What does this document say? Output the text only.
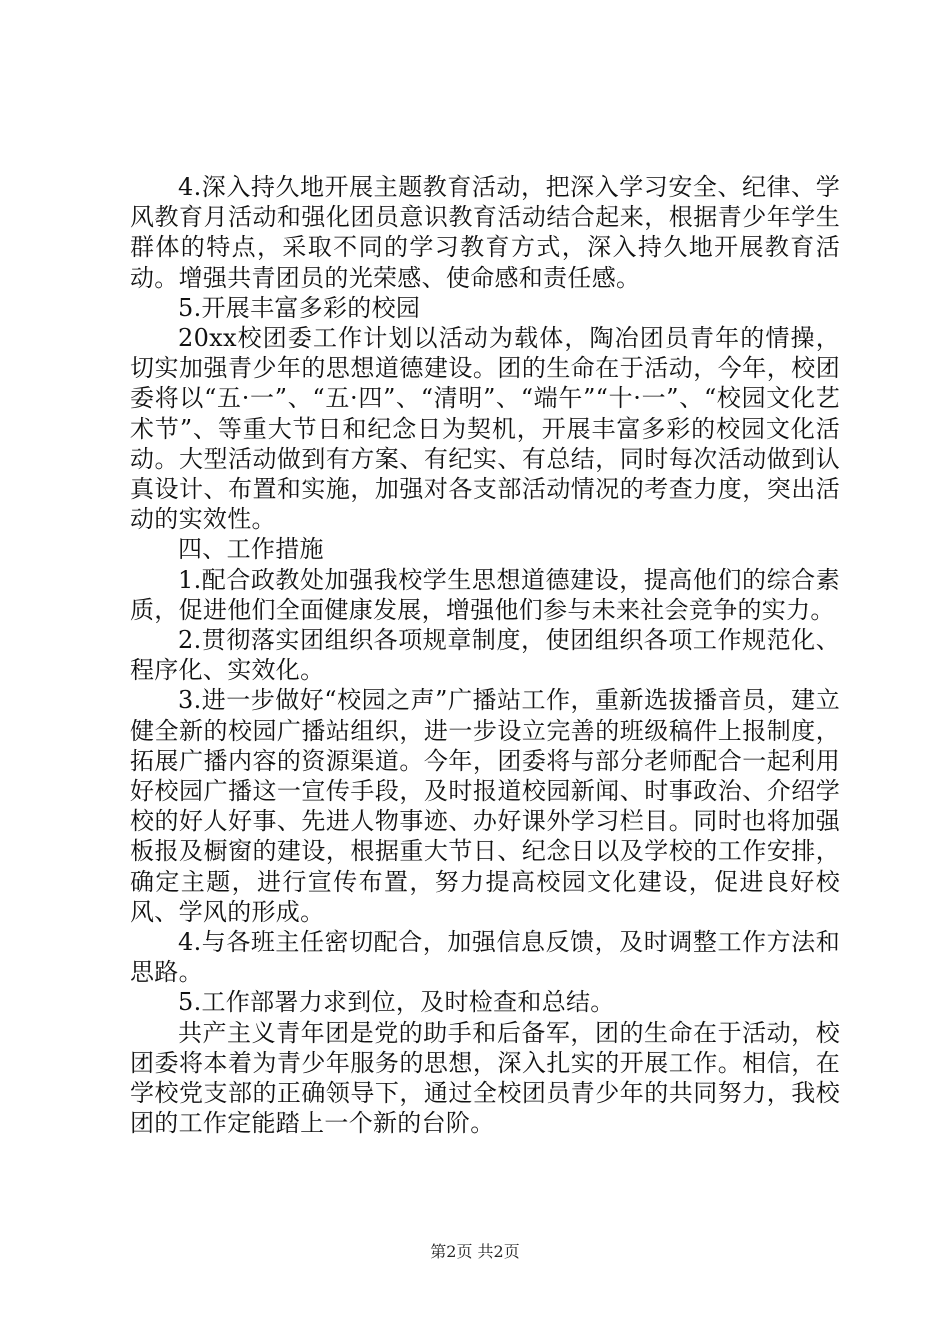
4.深入持久地开展主题教育活动，把深入学习安全、纪律、学风教育月活动和强化团员意识教育活动结合起来，根据青少年学生群体的特点，采取不同的学习教育方式，深入持久地开展教育活动。增强共青团员的光荣感、使命感和责任感。

5.开展丰富多彩的校园

20xx校团委工作计划以活动为载体，陶冶团员青年的情操，切实加强青少年的思想道德建设。团的生命在于活动，今年，校团委将以“五·一”、“五·四”、“清明”、“端午”“十·一”、“校园文化艺术节”、等重大节日和纪念日为契机，开展丰富多彩的校园文化活动。大型活动做到有方案、有纪实、有总结，同时每次活动做到认真设计、布置和实施，加强对各支部活动情况的考查力度，突出活动的实效性。

四、工作措施

1.配合政教处加强我校学生思想道德建设，提高他们的综合素质，促进他们全面健康发展，增强他们参与未来社会竞争的实力。

2.贯彻落实团组织各项规章制度，使团组织各项工作规范化、程序化、实效化。

3.进一步做好“校园之声”广播站工作，重新选拔播音员，建立健全新的校园广播站组织，进一步设立完善的班级稿件上报制度，拓展广播内容的资源渠道。今年，团委将与部分老师配合一起利用好校园广播这一宣传手段，及时报道校园新闻、时事政治、介绍学校的好人好事、先进人物事迹、办好课外学习栏目。同时也将加强板报及橱窗的建设，根据重大节日、纪念日以及学校的工作安排，确定主题，进行宣传布置，努力提高校园文化建设，促进良好校风、学风的形成。

4.与各班主任密切配合，加强信息反馈，及时调整工作方法和思路。

5.工作部署力求到位，及时检查和总结。

共产主义青年团是党的助手和后备军，团的生命在于活动，校团委将本着为青少年服务的思想，深入扎实的开展工作。相信，在学校党支部的正确领导下，通过全校团员青少年的共同努力，我校团的工作定能踏上一个新的台阶。

第2页 共2页
